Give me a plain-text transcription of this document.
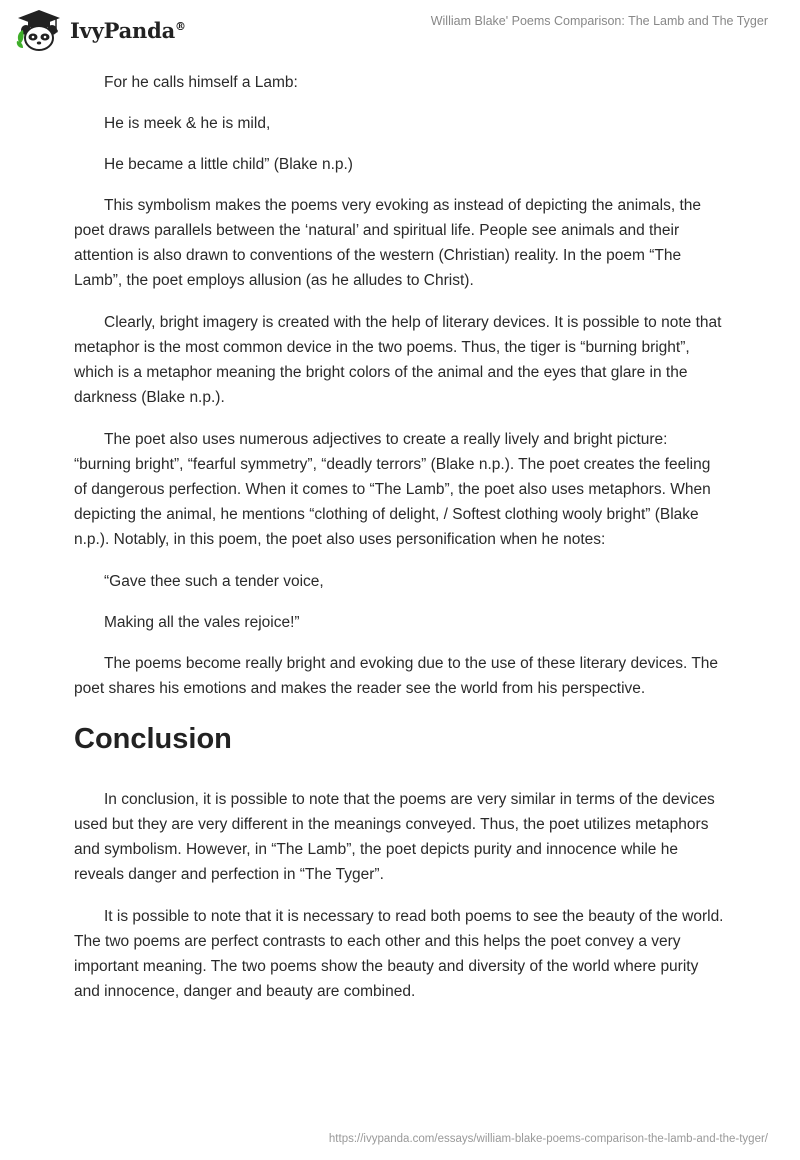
IvyPanda®	William Blake' Poems Comparison: The Lamb and The Tyger

For he calls himself a Lamb:

He is meek & he is mild,

He became a little child” (Blake n.p.)

This symbolism makes the poems very evoking as instead of depicting the animals, the poet draws parallels between the ‘natural’ and spiritual life. People see animals and their attention is also drawn to conventions of the western (Christian) reality. In the poem “The Lamb”, the poet employs allusion (as he alludes to Christ).

Clearly, bright imagery is created with the help of literary devices. It is possible to note that metaphor is the most common device in the two poems. Thus, the tiger is “burning bright”, which is a metaphor meaning the bright colors of the animal and the eyes that glare in the darkness (Blake n.p.).

The poet also uses numerous adjectives to create a really lively and bright picture: “burning bright”, “fearful symmetry”, “deadly terrors” (Blake n.p.). The poet creates the feeling of dangerous perfection. When it comes to “The Lamb”, the poet also uses metaphors. When depicting the animal, he mentions “clothing of delight, / Softest clothing wooly bright” (Blake n.p.). Notably, in this poem, the poet also uses personification when he notes:

“Gave thee such a tender voice,

Making all the vales rejoice!”

The poems become really bright and evoking due to the use of these literary devices. The poet shares his emotions and makes the reader see the world from his perspective.

Conclusion

In conclusion, it is possible to note that the poems are very similar in terms of the devices used but they are very different in the meanings conveyed. Thus, the poet utilizes metaphors and symbolism. However, in “The Lamb”, the poet depicts purity and innocence while he reveals danger and perfection in “The Tyger”.

It is possible to note that it is necessary to read both poems to see the beauty of the world. The two poems are perfect contrasts to each other and this helps the poet convey a very important meaning. The two poems show the beauty and diversity of the world where purity and innocence, danger and beauty are combined.

https://ivypanda.com/essays/william-blake-poems-comparison-the-lamb-and-the-tyger/
